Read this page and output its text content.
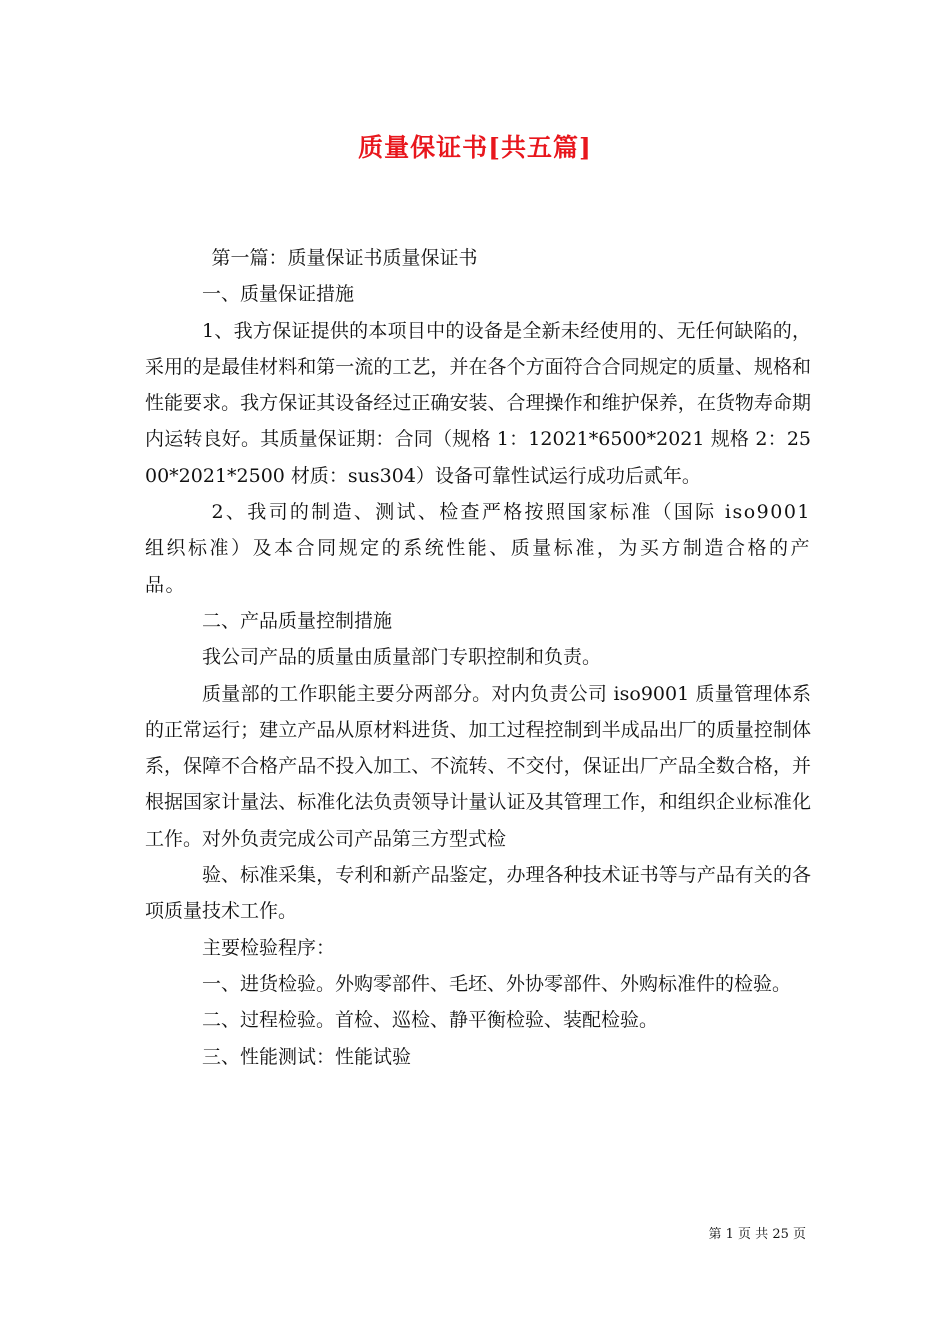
质量保证书[共五篇]

第一篇：质量保证书质量保证书

一、质量保证措施

1、我方保证提供的本项目中的设备是全新未经使用的、无任何缺陷的，采用的是最佳材料和第一流的工艺，并在各个方面符合合同规定的质量、规格和性能要求。我方保证其设备经过正确安装、合理操作和维护保养，在货物寿命期内运转良好。其质量保证期：合同（规格 1：12021*6500*2021 规格 2：2500*2021*2500 材质：sus304）设备可靠性试运行成功后贰年。

2、我司的制造、测试、检查严格按照国家标准（国际 iso9001 组织标准）及本合同规定的系统性能、质量标准，为买方制造合格的产品。

二、产品质量控制措施

我公司产品的质量由质量部门专职控制和负责。

质量部的工作职能主要分两部分。对内负责公司 iso9001 质量管理体系的正常运行；建立产品从原材料进货、加工过程控制到半成品出厂的质量控制体系，保障不合格产品不投入加工、不流转、不交付，保证出厂产品全数合格，并根据国家计量法、标准化法负责领导计量认证及其管理工作，和组织企业标准化工作。对外负责完成公司产品第三方型式检

验、标准采集，专利和新产品鉴定，办理各种技术证书等与产品有关的各项质量技术工作。

主要检验程序：

一、进货检验。外购零部件、毛坯、外协零部件、外购标准件的检验。

二、过程检验。首检、巡检、静平衡检验、装配检验。

三、性能测试：性能试验

第 1 页 共 25 页
